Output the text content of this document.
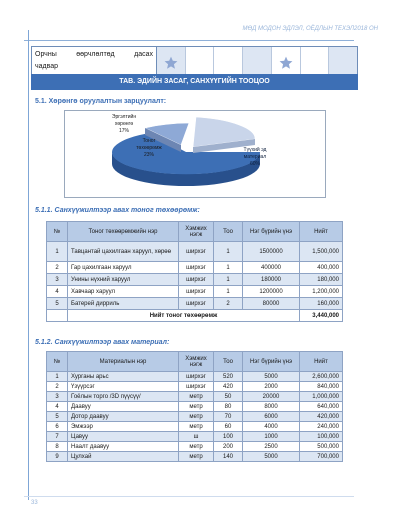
МӨД МОДОН ЭДЛЭЛ, ОЁДЛЫН ТЕХЭЛ 2018 ОН
Орчны	өөрчлөлтөд	дасах
чадвар
ТАВ. ЭДИЙН ЗАСАГ, САНХҮҮГИЙН ТООЦОО
5.1. Хөрөнгө оруулалтын зарцуулалт:
Түүхий эд
материал
60%
Тоног
төхөөрөмж
23%
Эргэлтийн
хөрөнгө
17%
5.1.1. Санхүүжилтээр авах тоног төхөөрөмж:
№	Тоног төхөөрөмжийн нэр	Хэмжих нэгж	Тоо	Нэг бүрийн үнэ	Нийт
1	Тавцантай цахилгаан харуул, хөрөө	ширхэг	1	1500000	1,500,000
2	Гар цахилгаан харуул	ширхэг	1	400000	400,000
3	Унины нүхний харуул	ширхэг	1	180000	180,000
4	Хавчаар харуул	ширхэг	1	1200000	1,200,000
5	Батерей дирриль	ширхэг	2	80000	160,000
	Нийт тоног төхөөрөмж				3,440,000
5.1.2. Санхүүжилтээр авах материал:
№	Материалын нэр	Хэмжих нэгж	Тоо	Нэг бүрийн үнэ	Нийт
1	Хурганы арьс	ширхэг	520	5000	2,600,000
2	Үзүүрсэг	ширхэг	420	2000	840,000
3	Гоёлын торго /3D пүүсүү/	метр	50	20000	1,000,000
4	Даавуу	метр	80	8000	640,000
5	Дотор даавуу	метр	70	6000	420,000
6	Эмжээр	метр	60	4000	240,000
7	Цавуу	ш	100	1000	100,000
8	Наалт даавуу	метр	200	2500	500,000
9	Цулхай	метр	140	5000	700,000
33
